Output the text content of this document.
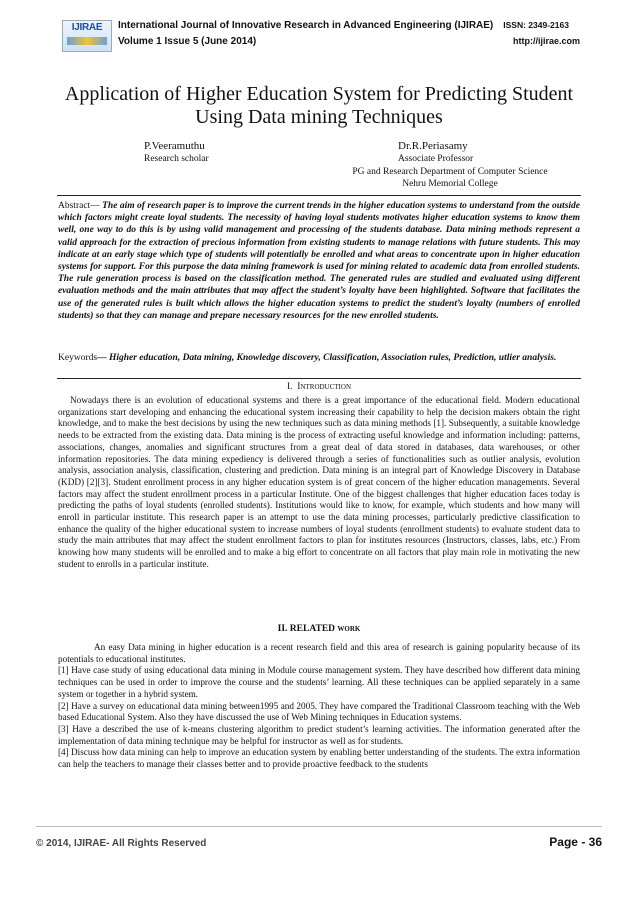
IJIRAE	International Journal of Innovative Research in Advanced Engineering (IJIRAE) ISSN: 2349-2163
Volume 1 Issue 5 (June 2014)	http://ijirae.com
Application of Higher Education System for Predicting Student Using Data mining Techniques
P.Veeramuthu
Research scholar
Dr.R.Periasamy
Associate Professor
PG and Research Department of Computer Science
Nehru Memorial College
Abstract— The aim of research paper is to improve the current trends in the higher education systems to understand from the outside which factors might create loyal students. The necessity of having loyal students motivates higher education systems to know them well, one way to do this is by using valid management and processing of the students database. Data mining methods represent a valid approach for the extraction of precious information from existing students to manage relations with future students. This may indicate at an early stage which type of students will potentially be enrolled and what areas to concentrate upon in higher education systems for support. For this purpose the data mining framework is used for mining related to academic data from enrolled students. The rule generation process is based on the classification method. The generated rules are studied and evaluated using different evaluation methods and the main attributes that may affect the student’s loyalty have been highlighted. Software that facilitates the use of the generated rules is built which allows the higher education systems to predict the student’s loyalty (numbers of enrolled students) so that they can manage and prepare necessary resources for the new enrolled students.
Keywords— Higher education, Data mining, Knowledge discovery, Classification, Association rules, Prediction, utlier analysis.
I. Introduction

Nowadays there is an evolution of educational systems and there is a great importance of the educational field. Modern educational organizations start developing and enhancing the educational system increasing their capability to help the decision makers obtain the right knowledge, and to make the best decisions by using the new techniques such as data mining methods [1]. Subsequently, a suitable knowledge needs to be extracted from the existing data. Data mining is the process of extracting useful knowledge and information including: patterns, associations, changes, anomalies and significant structures from a great deal of data stored in databases, data warehouses, or other information repositories. The data mining expediency is delivered through a series of functionalities such as outlier analysis, evolution analysis, association analysis, classification, clustering and prediction. Data mining is an integral part of Knowledge Discovery in Database (KDD) [2][3]. Student enrollment process in any higher education system is of great concern of the higher education managements. Several factors may affect the student enrollment process in a particular Institute. One of the biggest challenges that higher education faces today is predicting the paths of loyal students (enrolled students). Institutions would like to know, for example, which students and how many will enroll in particular institute. This research paper is an attempt to use the data mining processes, particularly predictive classification to enhance the quality of the higher educational system to increase numbers of loyal students (enrollment students) to evaluate student data to study the main attributes that may affect the student enrollment factors to plan for institutes resources (Instructors, classes, labs, etc.) From knowing how many students will be enrolled and to make a big effort to concentrate on all factors that play main role in motivating the new student to enrolls in a particular institute.

II. RELATED work

An easy Data mining in higher education is a recent research field and this area of research is gaining popularity because of its potentials to educational institutes.

[1] Have case study of using educational data mining in Module course management system. They have described how different data mining techniques can be used in order to improve the course and the students’ learning. All these techniques can be applied separately in a same system or together in a hybrid system.

[2] Have a survey on educational data mining between1995 and 2005. They have compared the Traditional Classroom teaching with the Web based Educational System. Also they have discussed the use of Web Mining techniques in Education systems.

[3] Have a described the use of k-means clustering algorithm to predict student’s learning activities. The information generated after the implementation of data mining technique may be helpful for instructor as well as for students.

[4] Discuss how data mining can help to improve an education system by enabling better understanding of the students. The extra information can help the teachers to manage their classes better and to provide proactive feedback to the students

© 2014, IJIRAE- All Rights Reserved	Page - 36
